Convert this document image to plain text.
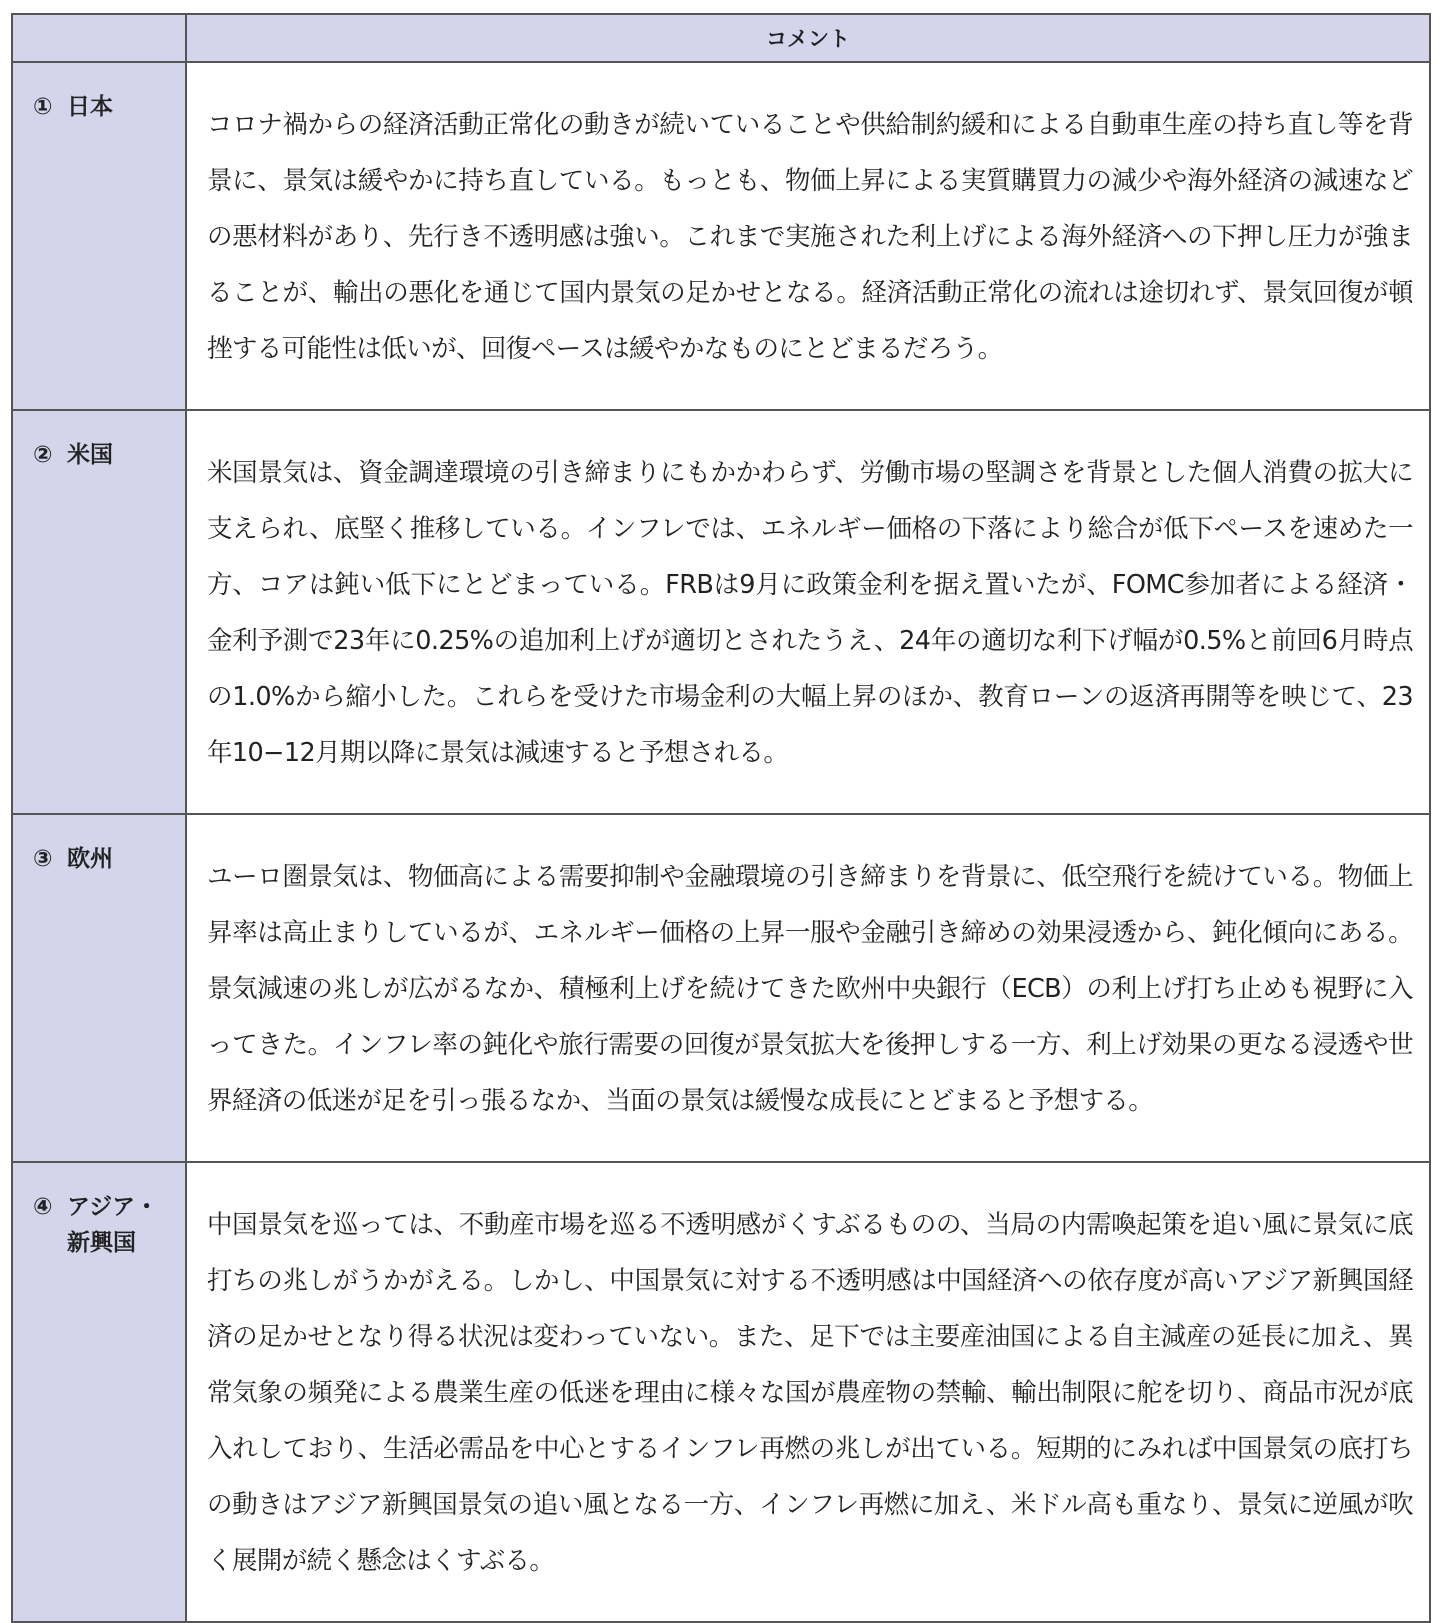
	コメント

① 日本	コロナ禍からの経済活動正常化の動きが続いていることや供給制約緩和による自動車生産の持ち直し等を背景に、景気は緩やかに持ち直している。もっとも、物価上昇による実質購買力の減少や海外経済の減速などの悪材料があり、先行き不透明感は強い。これまで実施された利上げによる海外経済への下押し圧力が強まることが、輸出の悪化を通じて国内景気の足かせとなる。経済活動正常化の流れは途切れず、景気回復が頓挫する可能性は低いが、回復ペースは緩やかなものにとどまるだろう。

② 米国	米国景気は、資金調達環境の引き締まりにもかかわらず、労働市場の堅調さを背景とした個人消費の拡大に支えられ、底堅く推移している。インフレでは、エネルギー価格の下落により総合が低下ペースを速めた一方、コアは鈍い低下にとどまっている。FRBは9月に政策金利を据え置いたが、FOMC参加者による経済・金利予測で23年に0.25%の追加利上げが適切とされたうえ、24年の適切な利下げ幅が0.5%と前回6月時点の1.0%から縮小した。これらを受けた市場金利の大幅上昇のほか、教育ローンの返済再開等を映じて、23年10−12月期以降に景気は減速すると予想される。

③ 欧州	ユーロ圏景気は、物価高による需要抑制や金融環境の引き締まりを背景に、低空飛行を続けている。物価上昇率は高止まりしているが、エネルギー価格の上昇一服や金融引き締めの効果浸透から、鈍化傾向にある。景気減速の兆しが広がるなか、積極利上げを続けてきた欧州中央銀行（ECB）の利上げ打ち止めも視野に入ってきた。インフレ率の鈍化や旅行需要の回復が景気拡大を後押しする一方、利上げ効果の更なる浸透や世界経済の低迷が足を引っ張るなか、当面の景気は緩慢な成長にとどまると予想する。

④ アジア・新興国	中国景気を巡っては、不動産市場を巡る不透明感がくすぶるものの、当局の内需喚起策を追い風に景気に底打ちの兆しがうかがえる。しかし、中国景気に対する不透明感は中国経済への依存度が高いアジア新興国経済の足かせとなり得る状況は変わっていない。また、足下では主要産油国による自主減産の延長に加え、異常気象の頻発による農業生産の低迷を理由に様々な国が農産物の禁輸、輸出制限に舵を切り、商品市況が底入れしており、生活必需品を中心とするインフレ再燃の兆しが出ている。短期的にみれば中国景気の底打ちの動きはアジア新興国景気の追い風となる一方、インフレ再燃に加え、米ドル高も重なり、景気に逆風が吹く展開が続く懸念はくすぶる。
